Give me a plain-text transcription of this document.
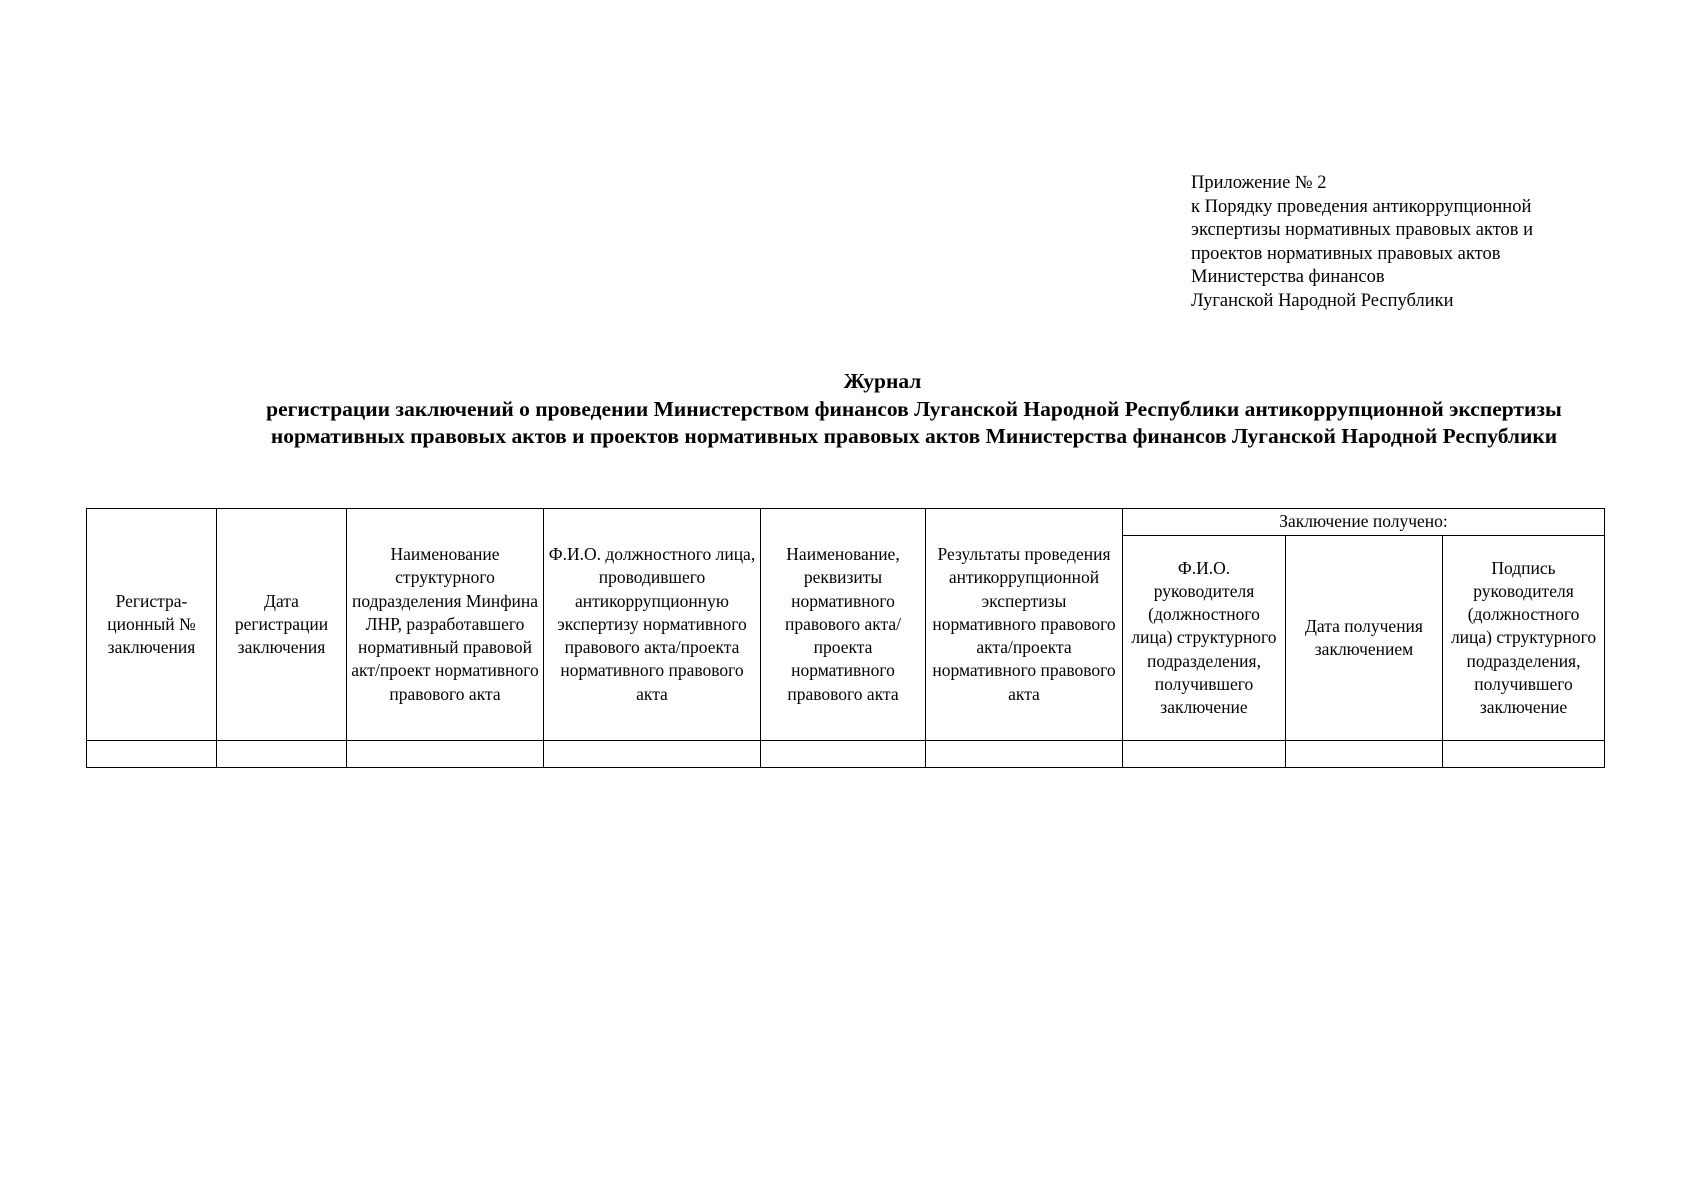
Приложение № 2
к Порядку проведения антикоррупционной
экспертизы нормативных правовых актов и
проектов нормативных правовых актов
Министерства финансов
Луганской Народной Республики
Журнал
регистрации заключений о проведении Министерством финансов Луганской Народной Республики антикоррупционной экспертизы
нормативных правовых актов и проектов нормативных правовых актов Министерства финансов Луганской Народной Республики
Регистра-ционный № заключения	Дата регистрации заключения	Наименование структурного подразделения Минфина ЛНР, разработавшего нормативный правовой акт/проект нормативного правового акта	Ф.И.О. должностного лица, проводившего антикоррупционную экспертизу нормативного правового акта/проекта нормативного правового акта	Наименование, реквизиты нормативного правового акта/проекта нормативного правового акта	Результаты проведения антикоррупционной экспертизы нормативного правового акта/проекта нормативного правового акта	Заключение получено:		
						Ф.И.О. руководителя (должностного лица) структурного подразделения, получившего заключение	Дата получения заключением	Подпись руководителя (должностного лица) структурного подразделения, получившего заключение
